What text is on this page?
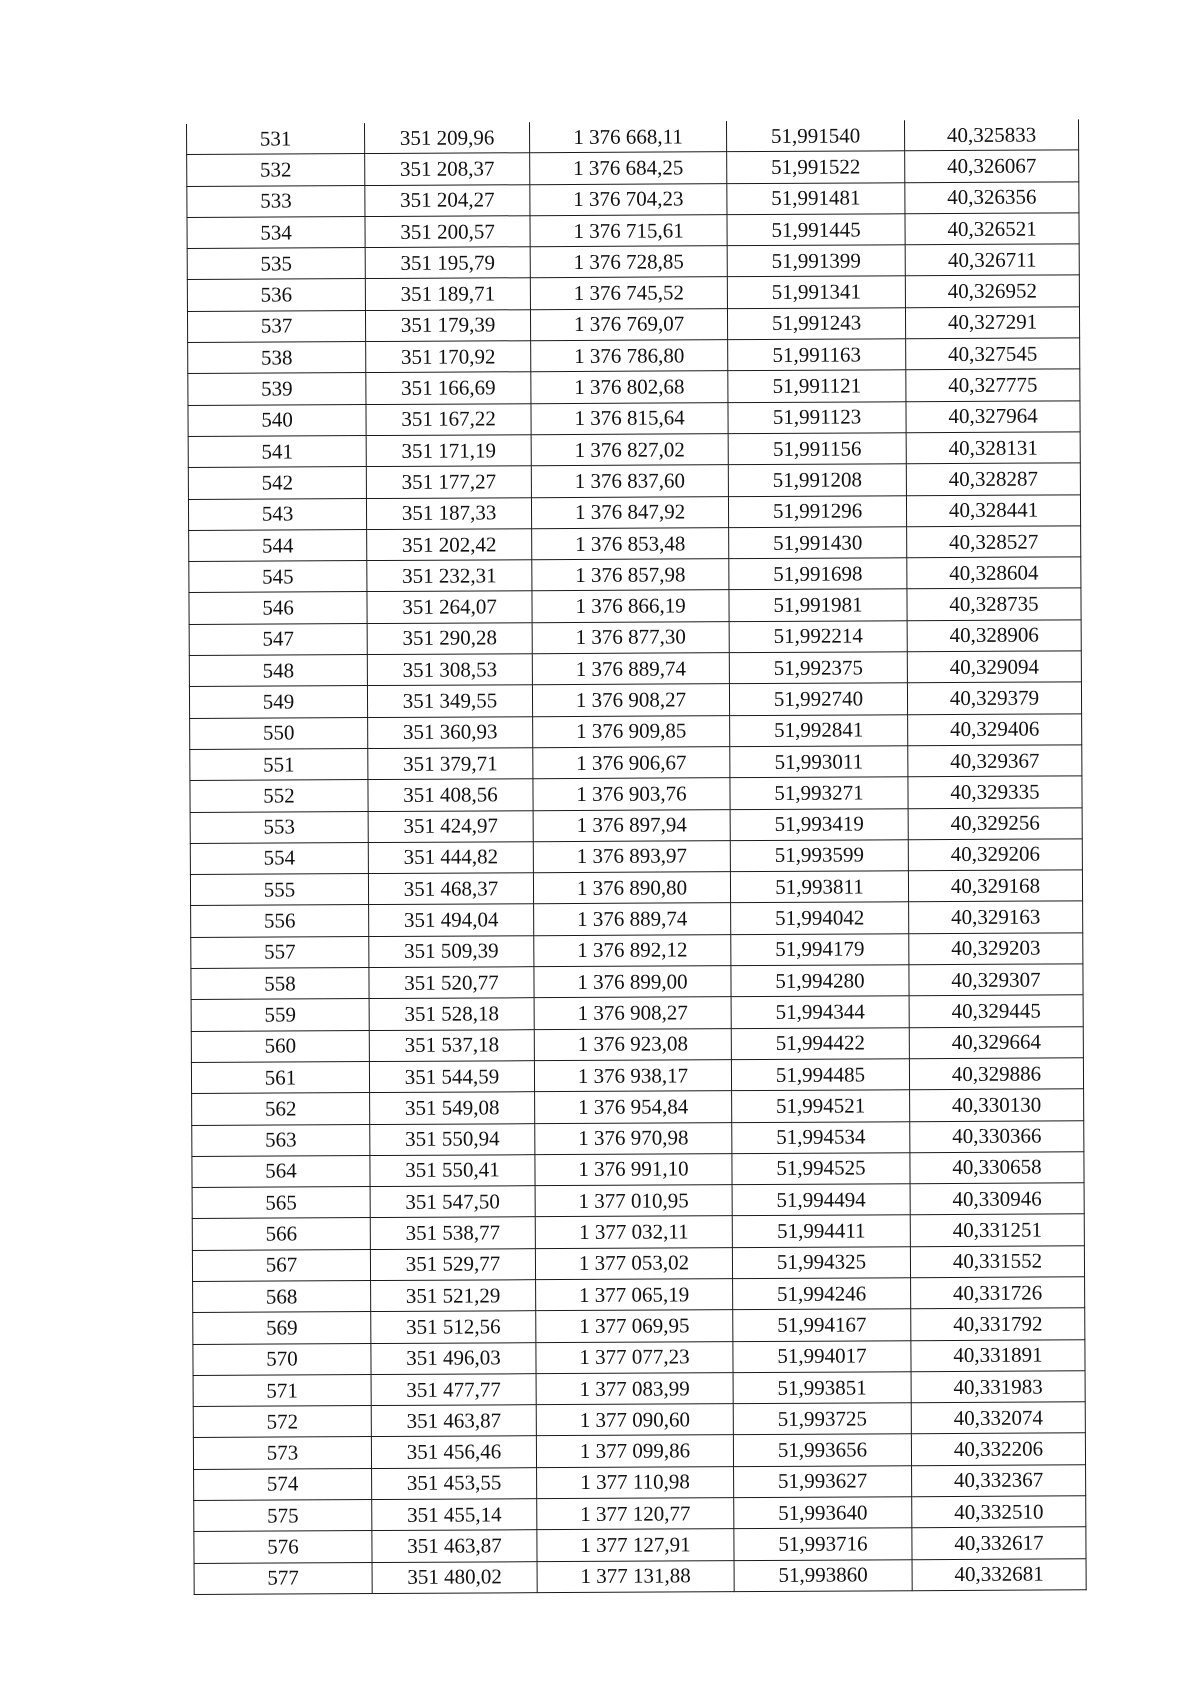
531	351 209,96	1 376 668,11	51,991540	40,325833
532	351 208,37	1 376 684,25	51,991522	40,326067
533	351 204,27	1 376 704,23	51,991481	40,326356
534	351 200,57	1 376 715,61	51,991445	40,326521
535	351 195,79	1 376 728,85	51,991399	40,326711
536	351 189,71	1 376 745,52	51,991341	40,326952
537	351 179,39	1 376 769,07	51,991243	40,327291
538	351 170,92	1 376 786,80	51,991163	40,327545
539	351 166,69	1 376 802,68	51,991121	40,327775
540	351 167,22	1 376 815,64	51,991123	40,327964
541	351 171,19	1 376 827,02	51,991156	40,328131
542	351 177,27	1 376 837,60	51,991208	40,328287
543	351 187,33	1 376 847,92	51,991296	40,328441
544	351 202,42	1 376 853,48	51,991430	40,328527
545	351 232,31	1 376 857,98	51,991698	40,328604
546	351 264,07	1 376 866,19	51,991981	40,328735
547	351 290,28	1 376 877,30	51,992214	40,328906
548	351 308,53	1 376 889,74	51,992375	40,329094
549	351 349,55	1 376 908,27	51,992740	40,329379
550	351 360,93	1 376 909,85	51,992841	40,329406
551	351 379,71	1 376 906,67	51,993011	40,329367
552	351 408,56	1 376 903,76	51,993271	40,329335
553	351 424,97	1 376 897,94	51,993419	40,329256
554	351 444,82	1 376 893,97	51,993599	40,329206
555	351 468,37	1 376 890,80	51,993811	40,329168
556	351 494,04	1 376 889,74	51,994042	40,329163
557	351 509,39	1 376 892,12	51,994179	40,329203
558	351 520,77	1 376 899,00	51,994280	40,329307
559	351 528,18	1 376 908,27	51,994344	40,329445
560	351 537,18	1 376 923,08	51,994422	40,329664
561	351 544,59	1 376 938,17	51,994485	40,329886
562	351 549,08	1 376 954,84	51,994521	40,330130
563	351 550,94	1 376 970,98	51,994534	40,330366
564	351 550,41	1 376 991,10	51,994525	40,330658
565	351 547,50	1 377 010,95	51,994494	40,330946
566	351 538,77	1 377 032,11	51,994411	40,331251
567	351 529,77	1 377 053,02	51,994325	40,331552
568	351 521,29	1 377 065,19	51,994246	40,331726
569	351 512,56	1 377 069,95	51,994167	40,331792
570	351 496,03	1 377 077,23	51,994017	40,331891
571	351 477,77	1 377 083,99	51,993851	40,331983
572	351 463,87	1 377 090,60	51,993725	40,332074
573	351 456,46	1 377 099,86	51,993656	40,332206
574	351 453,55	1 377 110,98	51,993627	40,332367
575	351 455,14	1 377 120,77	51,993640	40,332510
576	351 463,87	1 377 127,91	51,993716	40,332617
577	351 480,02	1 377 131,88	51,993860	40,332681
